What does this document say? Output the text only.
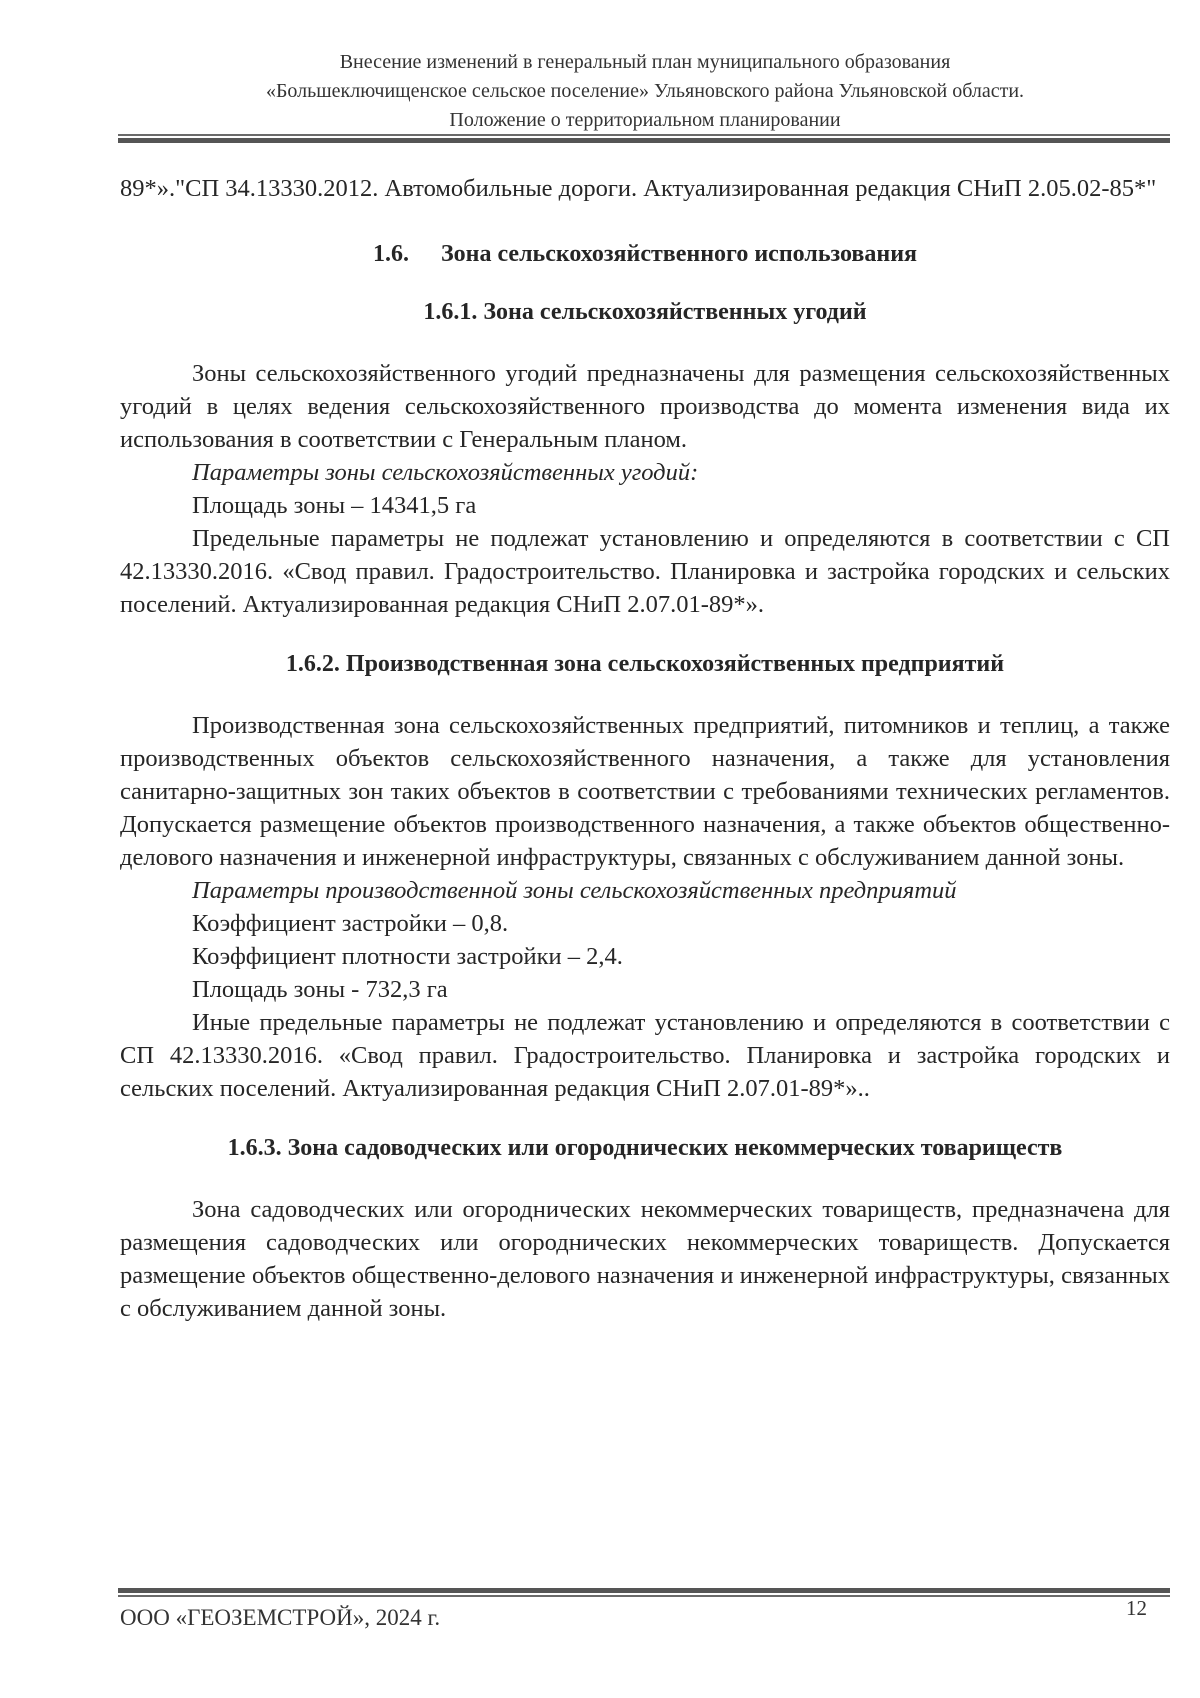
Внесение изменений в генеральный план муниципального образования
«Большеключищенское сельское поселение» Ульяновского района Ульяновской области.
Положение о территориальном планировании

89*»."СП 34.13330.2012. Автомобильные дороги. Актуализированная редакция СНиП 2.05.02-85*"

1.6. Зона сельскохозяйственного использования
1.6.1. Зона сельскохозяйственных угодий

Зоны сельскохозяйственного угодий предназначены для размещения сельскохозяйственных угодий в целях ведения сельскохозяйственного производства до момента изменения вида их использования в соответствии с Генеральным планом.

Параметры зоны сельскохозяйственных угодий:

Площадь зоны – 14341,5 га

Предельные параметры не подлежат установлению и определяются в соответствии с СП 42.13330.2016. «Свод правил. Градостроительство. Планировка и застройка городских и сельских поселений. Актуализированная редакция СНиП 2.07.01-89*».

1.6.2. Производственная зона сельскохозяйственных предприятий

Производственная зона сельскохозяйственных предприятий, питомников и теплиц, а также производственных объектов сельскохозяйственного назначения, а также для установления санитарно-защитных зон таких объектов в соответствии с требованиями технических регламентов. Допускается размещение объектов производственного назначения, а также объектов общественно-делового назначения и инженерной инфраструктуры, связанных с обслуживанием данной зоны.

Параметры производственной зоны сельскохозяйственных предприятий

Коэффициент застройки – 0,8.

Коэффициент плотности застройки – 2,4.

Площадь зоны - 732,3 га

Иные предельные параметры не подлежат установлению и определяются в соответствии с СП 42.13330.2016. «Свод правил. Градостроительство. Планировка и застройка городских и сельских поселений. Актуализированная редакция СНиП 2.07.01-89*»..

1.6.3. Зона садоводческих или огороднических некоммерческих товариществ

Зона садоводческих или огороднических некоммерческих товариществ, предназначена для размещения садоводческих или огороднических некоммерческих товариществ. Допускается размещение объектов общественно-делового назначения и инженерной инфраструктуры, связанных с обслуживанием данной зоны.

ООО «ГЕОЗЕМСТРОЙ», 2024 г.	12
